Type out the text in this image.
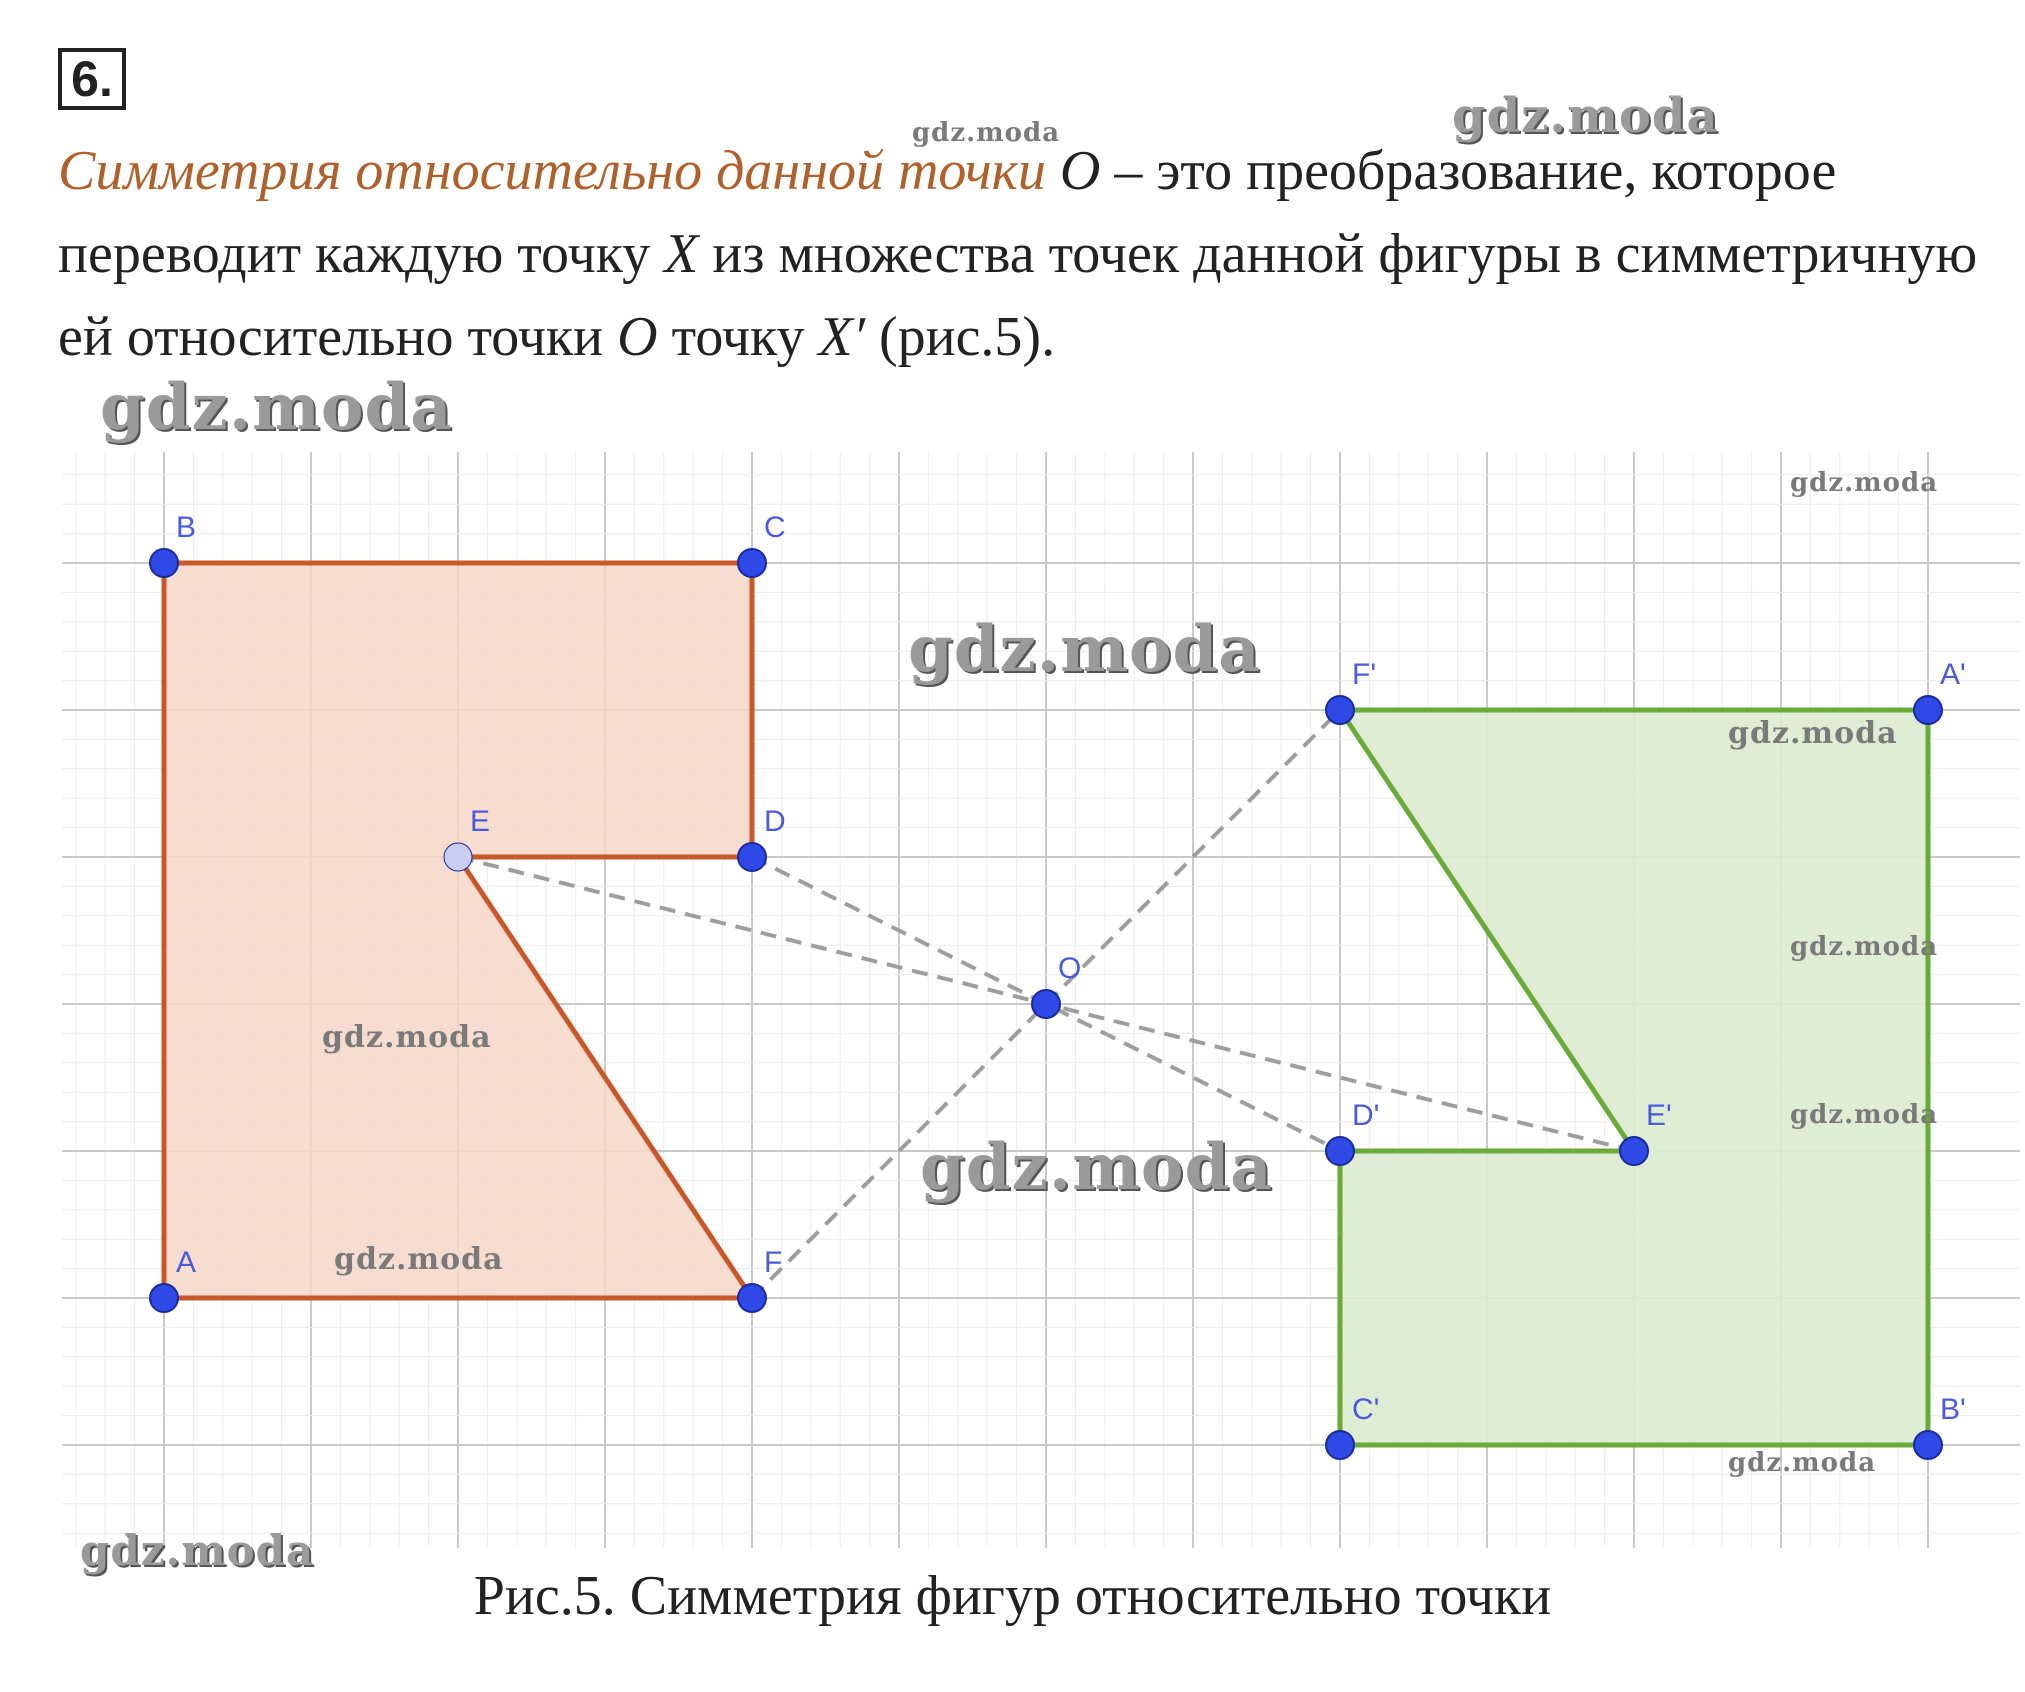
6.

Симметрия относительно данной точки O – это преобразование, которое переводит каждую точку X из множества точек данной фигуры в симметричную ей относительно точки O точку X′ (рис.5).

A
B	C
D
E
F
A'
B'
C'
D'	E'
F'
O
Рис.5. Симметрия фигур относительно точки
gdz.moda
gdz.moda
gdz.moda
gdz.moda
gdz.moda
gdz.moda
gdz.moda
gdz.moda
gdz.moda
gdz.moda
gdz.moda
gdz.moda
gdz.moda
